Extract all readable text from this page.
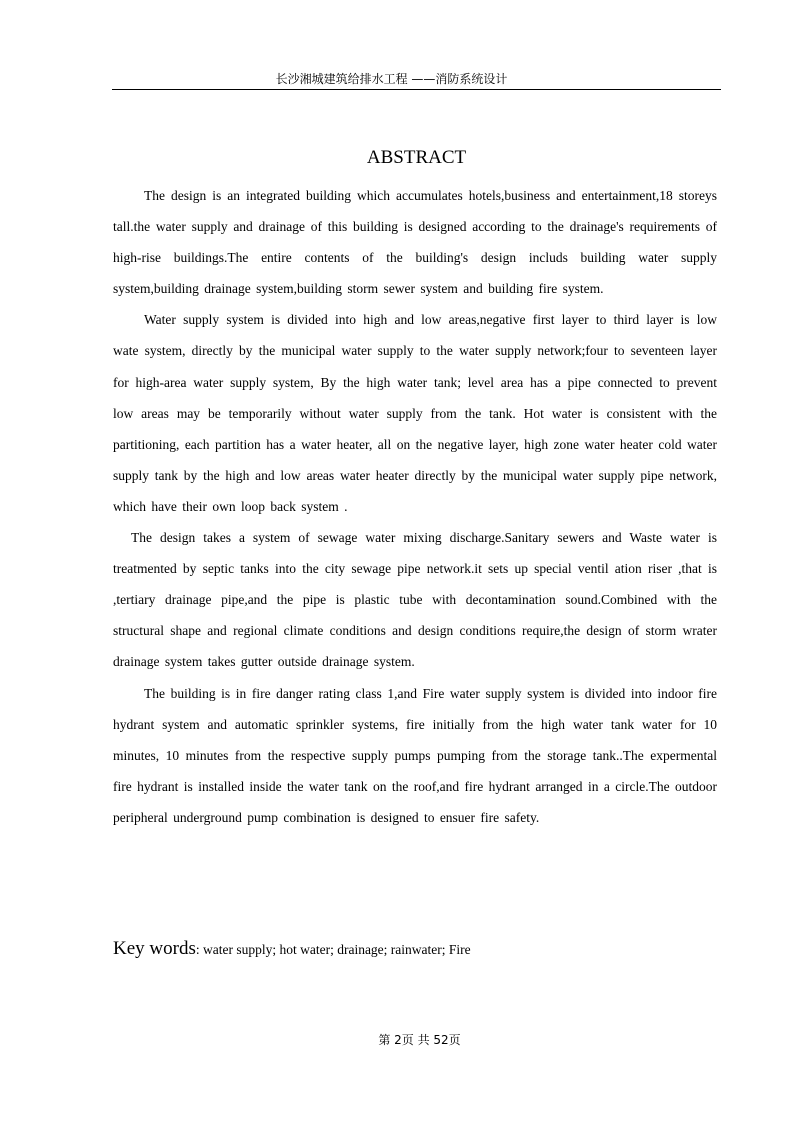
长沙湘城建筑给排水工程 ——消防系统设计
ABSTRACT

The design is an integrated building which accumulates hotels,business and entertainment,18 storeys tall.the water supply and drainage of this building is designed according to the drainage's requirements of high-rise buildings.The entire contents of the building's design includs building water supply system,building drainage system,building storm sewer system and building fire system.

Water supply system is divided into high and low areas,negative first layer to third layer is low wate system, directly by the municipal water supply to the water supply network;four to seventeen layer for high-area water supply system, By the high water tank; level area has a pipe connected to prevent low areas may be temporarily without water supply from the tank. Hot water is consistent with the partitioning, each partition has a water heater, all on the negative layer, high zone water heater cold water supply tank by the high and low areas water heater directly by the municipal water supply pipe network, which have their own loop back system .

The design takes a system of sewage water mixing discharge.Sanitary sewers and Waste water is treatmented by septic tanks into the city sewage pipe network.it sets up special ventil ation riser ,that is ,tertiary drainage pipe,and the pipe is plastic tube with decontamination sound.Combined with the structural shape and regional climate conditions and design conditions require,the design of storm wrater drainage system takes gutter outside drainage system.

The building is in fire danger rating class 1,and Fire water supply system is divided into indoor fire hydrant system and automatic sprinkler systems, fire initially from the high water tank water for 10 minutes, 10 minutes from the respective supply pumps pumping from the storage tank..The expermental fire hydrant is installed inside the water tank on the roof,and fire hydrant arranged in a circle.The outdoor peripheral underground pump combination is designed to ensuer fire safety.

Key words: water supply; hot water; drainage; rainwater; Fire
第 2页 共 52页
